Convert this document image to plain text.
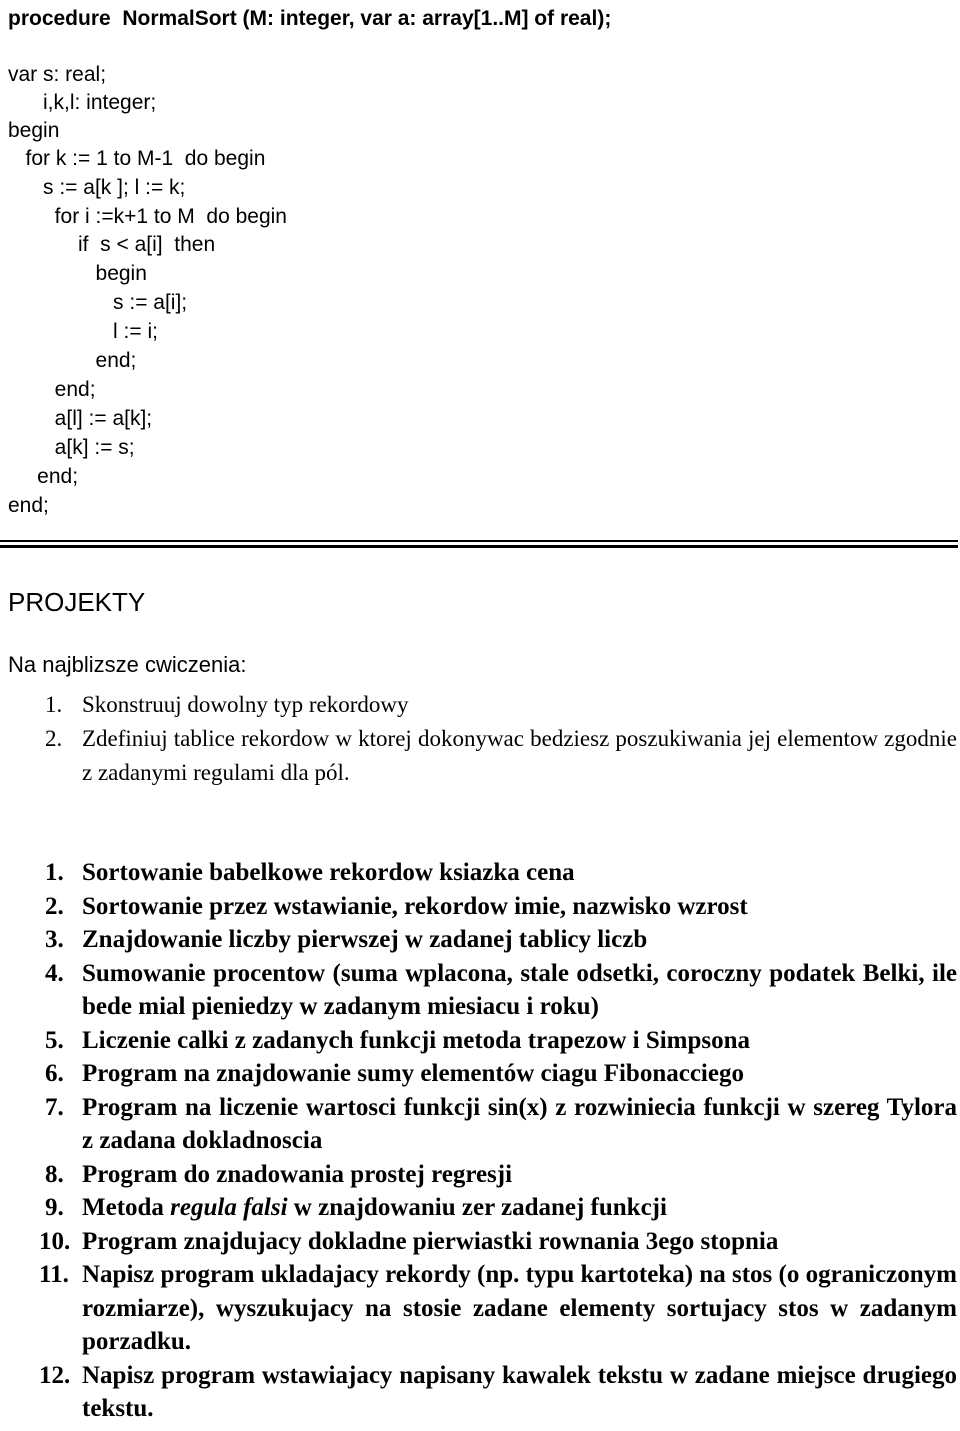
procedure  NormalSort (M: integer, var a: array[1..M] of real);
var s: real;
i,k,l: integer;
begin
for k := 1 to M-1  do begin
s := a[k ]; l := k;
for i :=k+1 to M  do begin
if  s < a[i]  then
begin
s := a[i];
l := i;
end;
end;
a[l] := a[k];
a[k] := s;
end;
end;
PROJEKTY
Na najblizsze cwiczenia:
1. Skonstruuj dowolny typ rekordowy
2. Zdefiniuj tablice rekordow w ktorej dokonywac bedziesz poszukiwania jej elementow zgodnie z zadanymi regulami dla pól.
1. Sortowanie babelkowe rekordow ksiazka cena
2. Sortowanie przez wstawianie, rekordow imie, nazwisko wzrost
3. Znajdowanie liczby pierwszej w zadanej tablicy liczb
4. Sumowanie procentow (suma wplacona, stale odsetki, coroczny podatek Belki, ile bede mial pieniedzy w zadanym miesiacu i roku)
5. Liczenie calki z zadanych funkcji metoda trapezow i Simpsona
6. Program na znajdowanie sumy elementów ciagu Fibonacciego
7. Program na liczenie wartosci funkcji sin(x) z rozwiniecia funkcji w szereg Tylora z zadana dokladnoscia
8. Program do znadowania prostej regresji
9. Metoda regula falsi w znajdowaniu zer zadanej funkcji
10. Program znajdujacy dokladne pierwiastki rownania 3ego stopnia
11. Napisz program ukladajacy rekordy (np. typu kartoteka) na stos (o ograniczonym rozmiarze), wyszukujacy na stosie zadane elementy sortujacy stos w zadanym porzadku.
12. Napisz program wstawiajacy napisany kawalek tekstu w zadane miejsce drugiego tekstu.
